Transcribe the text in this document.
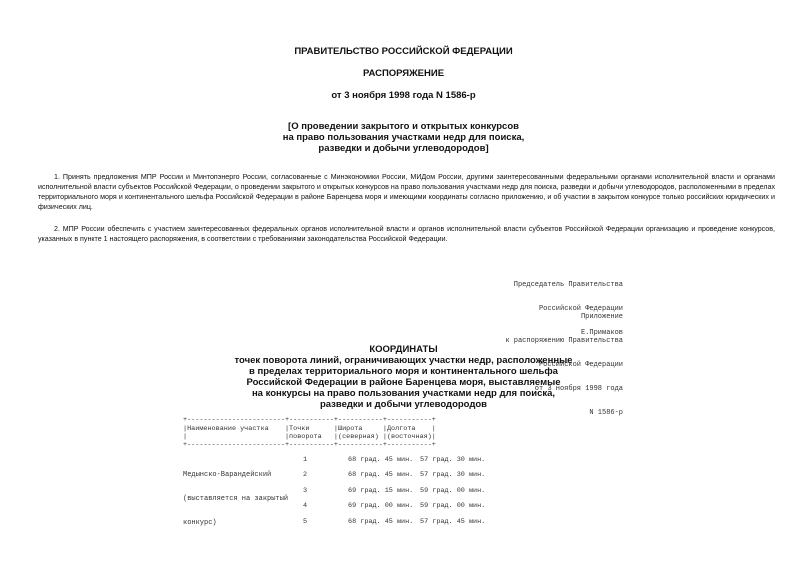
ПРАВИТЕЛЬСТВО РОССИЙСКОЙ ФЕДЕРАЦИИ
РАСПОРЯЖЕНИЕ
от 3 ноября 1998 года N 1586-р
[О проведении закрытого и открытых конкурсов
на право пользования участками недр для поиска,
разведки и добычи углеводородов]
1. Принять предложения МПР России и Минтопэнерго России, согласованные с Минэкономики России, МИДом России, другими заинтересованными федеральными органами исполнительной власти и органами исполнительной власти субъектов Российской Федерации, о проведении закрытого и открытых конкурсов на право пользования участками недр для поиска, разведки и добычи углеводородов, расположенными в пределах территориального моря и континентального шельфа Российской Федерации в районе Баренцева моря и имеющими координаты согласно приложению, и об участии в закрытом конкурсе только российских юридических и физических лиц.
2. МПР России обеспечить с участием заинтересованных федеральных органов исполнительной власти и органов исполнительной власти субъектов Российской Федерации организацию и проведение конкурсов, указанных в пункте 1 настоящего распоряжения, в соответствии с требованиями законодательства Российской Федерации.

Председатель Правительства

Российской Федерации

Е.Примаков

Приложение

к распоряжению Правительства

Российской Федерации

от 3 ноября 1998 года

N 1586-р

КООРДИНАТЫ
точек поворота линий, ограничивающих участки недр, расположенные
в пределах территориального моря и континентального шельфа
Российской Федерации в районе Баренцева моря, выставляемые
на конкурсы на право пользования участками недр для поиска,
разведки и добычи углеводородов
+------------------------+-----------+-----------+-----------+
|Наименование участка    |Точки      |Широта     |Долгота    |
|                        |поворота   |(северная) |(восточная)|
+------------------------+-----------+-----------+-----------+

Медынско-Варандейский

(выставляется на закрытый

конкурс)

1	68 град. 45 мин. 57 град. 30 мин.
2	68 град. 45 мин. 57 град. 30 мин.
3	69 град. 15 мин. 59 град. 00 мин.
4	69 град. 00 мин. 59 град. 00 мин.
5	68 град. 45 мин. 57 град. 45 мин.
